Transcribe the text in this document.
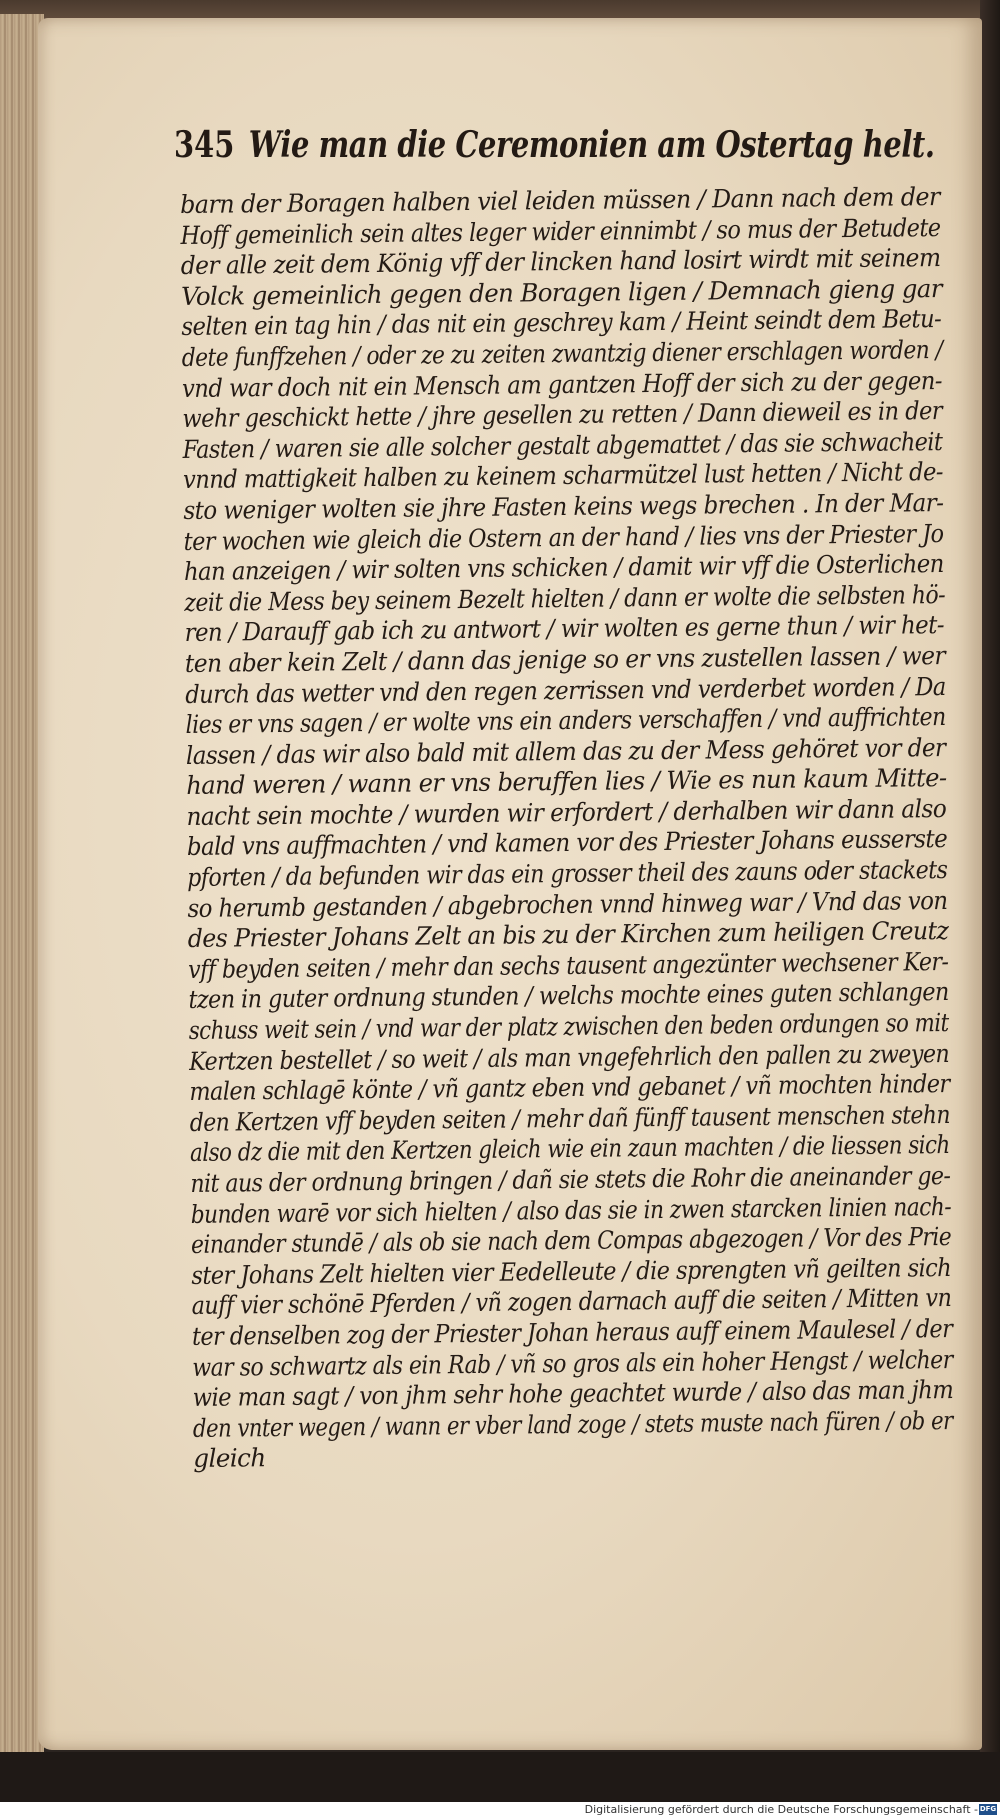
345 Wie man die Ceremonien am Ostertag helt.
barn der Boragen halben viel leiden müssen / Dann nach dem der
Hoff gemeinlich sein altes leger wider einnimbt / so mus der Betudete
der alle zeit dem König vff der lincken hand losirt wirdt mit seinem
Volck gemeinlich gegen den Boragen ligen / Demnach gieng gar
selten ein tag hin / das nit ein geschrey kam / Heint seindt dem Betu-
dete funffzehen / oder ze zu zeiten zwantzig diener erschlagen worden /
vnd war doch nit ein Mensch am gantzen Hoff der sich zu der gegen-
wehr geschickt hette / jhre gesellen zu retten / Dann dieweil es in der
Fasten / waren sie alle solcher gestalt abgemattet / das sie schwacheit
vnnd mattigkeit halben zu keinem scharmützel lust hetten / Nicht de-
sto weniger wolten sie jhre Fasten keins wegs brechen . In der Mar-
ter wochen wie gleich die Ostern an der hand / lies vns der Priester Jo
han anzeigen / wir solten vns schicken / damit wir vff die Osterlichen
zeit die Mess bey seinem Bezelt hielten / dann er wolte die selbsten hö-
ren / Darauff gab ich zu antwort / wir wolten es gerne thun / wir het-
ten aber kein Zelt / dann das jenige so er vns zustellen lassen / wer
durch das wetter vnd den regen zerrissen vnd verderbet worden / Da
lies er vns sagen / er wolte vns ein anders verschaffen / vnd auffrichten
lassen / das wir also bald mit allem das zu der Mess gehöret vor der
hand weren / wann er vns beruffen lies / Wie es nun kaum Mitte-
nacht sein mochte / wurden wir erfordert / derhalben wir dann also
bald vns auffmachten / vnd kamen vor des Priester Johans eusserste
pforten / da befunden wir das ein grosser theil des zauns oder stackets
so herumb gestanden / abgebrochen vnnd hinweg war / Vnd das von
des Priester Johans Zelt an bis zu der Kirchen zum heiligen Creutz
vff beyden seiten / mehr dan sechs tausent angezünter wechsener Ker-
tzen in guter ordnung stunden / welchs mochte eines guten schlangen
schuss weit sein / vnd war der platz zwischen den beden ordungen so mit
Kertzen bestellet / so weit / als man vngefehrlich den pallen zu zweyen
malen schlagē könte / vñ gantz eben vnd gebanet / vñ mochten hinder
den Kertzen vff beyden seiten / mehr dañ fünff tausent menschen stehn
also dz die mit den Kertzen gleich wie ein zaun machten / die liessen sich
nit aus der ordnung bringen / dañ sie stets die Rohr die aneinander ge-
bunden warē vor sich hielten / also das sie in zwen starcken linien nach-
einander stundē / als ob sie nach dem Compas abgezogen / Vor des Prie
ster Johans Zelt hielten vier Eedelleute / die sprengten vñ geilten sich
auff vier schönē Pferden / vñ zogen darnach auff die seiten / Mitten vn
ter denselben zog der Priester Johan heraus auff einem Maulesel / der
war so schwartz als ein Rab / vñ so gros als ein hoher Hengst / welcher
wie man sagt / von jhm sehr hohe geachtet wurde / also das man jhm
den vnter wegen / wann er vber land zoge / stets muste nach füren / ob er
gleich
Digitalisierung gefördert durch die Deutsche Forschungsgemeinschaft - DFG
